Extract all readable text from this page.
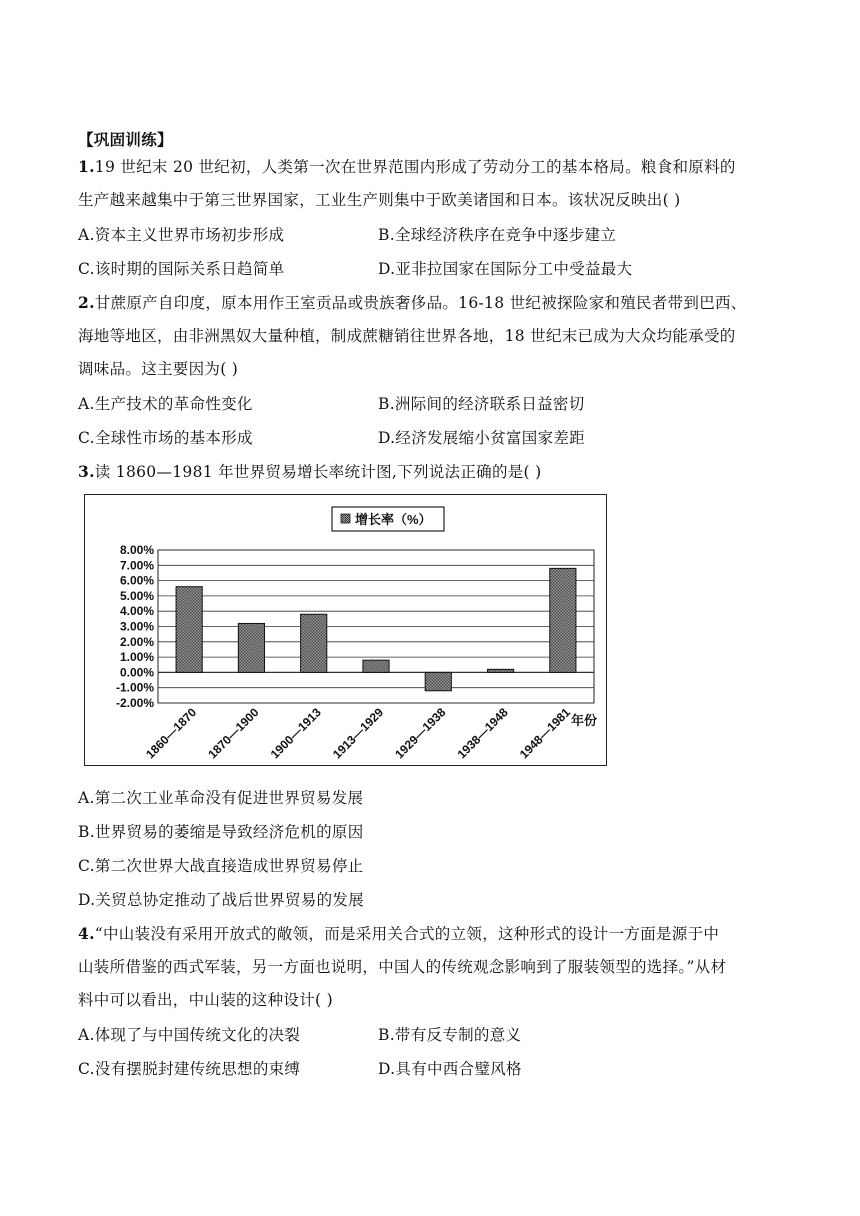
【巩固训练】
1.19 世纪末 20 世纪初，人类第一次在世界范围内形成了劳动分工的基本格局。粮食和原料的
生产越来越集中于第三世界国家，工业生产则集中于欧美诸国和日本。该状况反映出( )
A.资本主义世界市场初步形成	B.全球经济秩序在竞争中逐步建立
C.该时期的国际关系日趋简单	D.亚非拉国家在国际分工中受益最大
2.甘蔗原产自印度，原本用作王室贡品或贵族奢侈品。16-18 世纪被探险家和殖民者带到巴西、
海地等地区，由非洲黑奴大量种植，制成蔗糖销往世界各地，18 世纪末已成为大众均能承受的
调味品。这主要因为( )
A.生产技术的革命性变化	B.洲际间的经济联系日益密切
C.全球性市场的基本形成	D.经济发展缩小贫富国家差距
3.读 1860—1981 年世界贸易增长率统计图,下列说法正确的是( )
增长率（%）
8.00%
7.00%
6.00%
5.00%
4.00%
3.00%
2.00%
1.00%
0.00%
-1.00%
-2.00%
1860—1870 1870—1900 1900—1913 1913—1929 1929—1938 1938—1948 1948—1981
年份
A.第二次工业革命没有促进世界贸易发展
B.世界贸易的萎缩是导致经济危机的原因
C.第二次世界大战直接造成世界贸易停止
D.关贸总协定推动了战后世界贸易的发展
4.“中山装没有采用开放式的敞领，而是采用关合式的立领，这种形式的设计一方面是源于中
山装所借鉴的西式军装，另一方面也说明，中国人的传统观念影响到了服装领型的选择。”从材
料中可以看出，中山装的这种设计( )
A.体现了与中国传统文化的决裂	B.带有反专制的意义
C.没有摆脱封建传统思想的束缚	D.具有中西合璧风格
